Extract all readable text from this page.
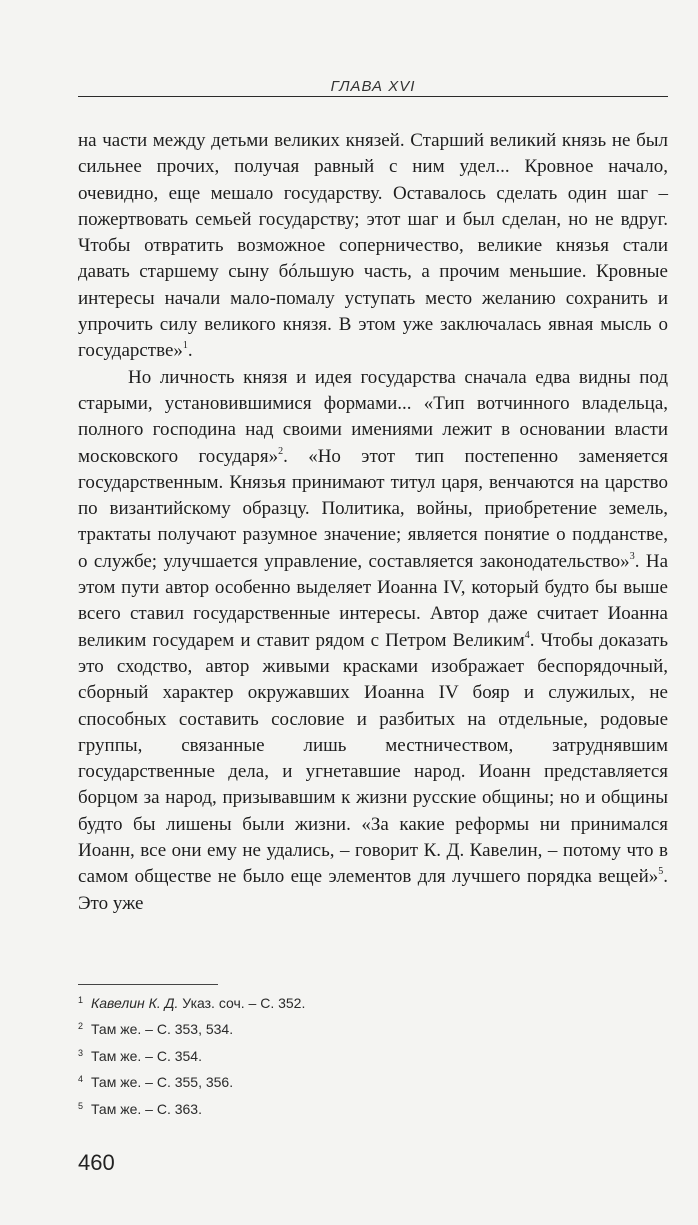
ГЛАВА XVI

на части между детьми великих князей. Старший великий князь не был сильнее прочих, получая равный с ним удел... Кровное начало, очевидно, еще мешало государству. Оставалось сделать один шаг – пожертвовать семьей государству; этот шаг и был сделан, но не вдруг. Чтобы отвратить возможное соперничество, великие князья стали давать старшему сыну бóльшую часть, а прочим меньшие. Кровные интересы начали мало-помалу уступать место желанию сохранить и упрочить силу великого князя. В этом уже заключалась явная мысль о государстве»$^1$.

Но личность князя и идея государства сначала едва видны под старыми, установившимися формами... «Тип вотчинного владельца, полного господина над своими имениями лежит в основании власти московского государя»$^2$. «Но этот тип постепенно заменяется государственным. Князья принимают титул царя, венчаются на царство по византийскому образцу. Политика, войны, приобретение земель, трактаты получают разумное значение; является понятие о подданстве, о службе; улучшается управление, составляется законодательство»$^3$. На этом пути автор особенно выделяет Иоанна IV, который будто бы выше всего ставил государственные интересы. Автор даже считает Иоанна великим государем и ставит рядом с Петром Великим$^4$. Чтобы доказать это сходство, автор живыми красками изображает беспорядочный, сборный характер окружавших Иоанна IV бояр и служилых, не способных составить сословие и разбитых на отдельные, родовые группы, связанные лишь местничеством, затруднявшим государственные дела, и угнетавшие народ. Иоанн представляется борцом за народ, призывавшим к жизни русские общины; но и общины будто бы лишены были жизни. «За какие реформы ни принимался Иоанн, все они ему не удались, – говорит К. Д. Кавелин, – потому что в самом обществе не было еще элементов для лучшего порядка вещей»$^5$. Это уже

1 Кавелин К. Д. Указ. соч. – С. 352.
2 Там же. – С. 353, 534.
3 Там же. – С. 354.
4 Там же. – С. 355, 356.
5 Там же. – С. 363.
460
